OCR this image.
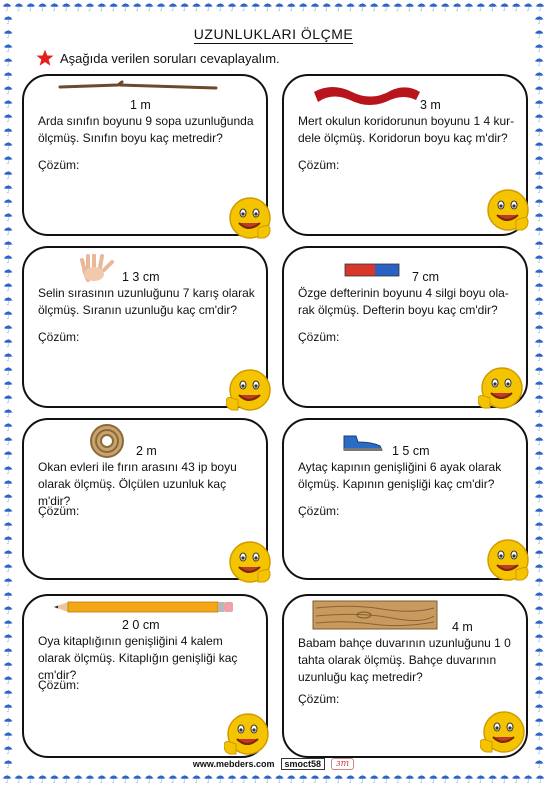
☂ ☂ ☂ ☂ ☂ ☂ ☂ ☂ ☂ ☂ ☂ ☂ ☂ ☂ ☂ ☂ ☂ ☂ ☂ ☂ ☂ ☂ ☂ ☂ ☂ ☂ ☂ ☂ ☂ ☂ ☂ ☂ ☂ ☂ ☂ ☂ ☂ ☂ ☂ ☂ ☂ ☂ ☂ ☂ ☂ ☂
☂ ☂ ☂ ☂ ☂ ☂ ☂ ☂ ☂ ☂ ☂ ☂ ☂ ☂ ☂ ☂ ☂ ☂ ☂ ☂ ☂ ☂ ☂ ☂ ☂ ☂ ☂ ☂ ☂ ☂ ☂ ☂ ☂ ☂ ☂ ☂ ☂ ☂ ☂ ☂ ☂ ☂ ☂ ☂ ☂ ☂
☂
☂
☂
☂
☂
☂
☂
☂
☂
☂
☂
☂
☂
☂
☂
☂
☂
☂
☂
☂
☂
☂
☂
☂
☂
☂
☂
☂
☂
☂
☂
☂
☂
☂
☂
☂
☂
☂
☂
☂
☂
☂
☂
☂
☂
☂
☂
☂
☂
☂
☂
☂
☂
☂
☂
☂
☂
☂
☂
☂
☂
☂
☂
☂
☂
☂
☂
☂
☂
☂
☂
☂
☂
☂
☂
☂
☂
☂
☂
☂
☂
☂
☂
☂
☂
☂
☂
☂
☂
☂
☂
☂
☂
☂
☂
☂
☂
☂
☂
☂
☂
☂
☂
☂
☂
☂
☂
☂
UZUNLUKLARI ÖLÇME
Aşağıda verilen soruları cevaplayalım.
1 m
Arda sınıfın boyunu 9 sopa uzunluğunda ölçmüş. Sınıfın boyu kaç metredir?
Çözüm:
3 m
Mert okulun koridorunun boyunu 1 4 kur-dele ölçmüş. Koridorun boyu kaç m'dir?
Çözüm:
1 3 cm
Selin sırasının uzunluğunu 7 karış olarak ölçmüş. Sıranın uzunluğu kaç cm'dir?
Çözüm:
7 cm
Özge defterinin boyunu 4 silgi boyu ola-rak ölçmüş. Defterin boyu kaç cm'dir?
Çözüm:
2 m
Okan evleri ile fırın arasını 43 ip boyu olarak ölçmüş. Ölçülen uzunluk kaç m'dir?
Çözüm:
1 5 cm
Aytaç kapının genişliğini 6 ayak olarak ölçmüş. Kapının genişliği kaç cm'dir?
Çözüm:
2 0 cm
Oya kitaplığının genişliğini 4 kalem olarak ölçmüş. Kitaplığın genişliği kaç cm'dir?
Çözüm:
4 m
Babam bahçe duvarının uzunluğunu 1 0 tahta olarak ölçmüş. Bahçe duvarının uzunluğu kaç metredir?
Çözüm:
www.mebders.com	smoct58	ɜm
